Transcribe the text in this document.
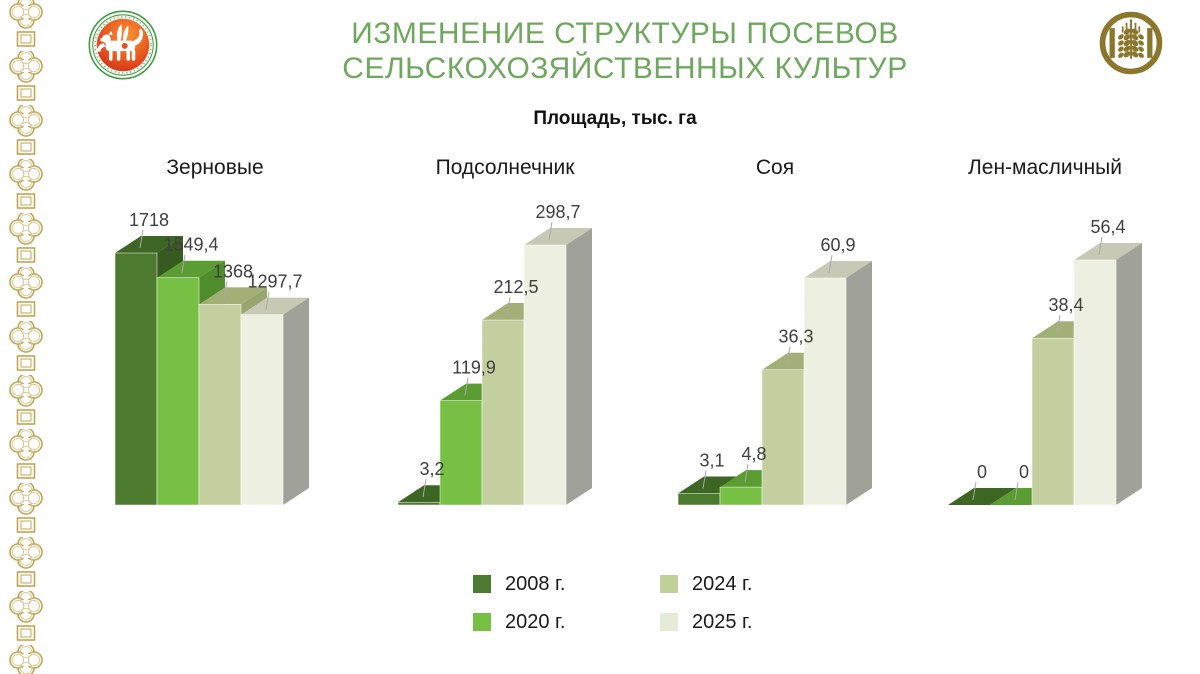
ИЗМЕНЕНИЕ СТРУКТУРЫ ПОСЕВОВ
СЕЛЬСКОХОЗЯЙСТВЕННЫХ КУЛЬТУР
Площадь, тыс. га
Зерновые
1718
1549,4
1368
1297,7
Подсолнечник
3,2
119,9
212,5
298,7
Соя
3,1 4,8
36,3
60,9
Лен-масличный
0 0
38,4
56,4
2008 г.	2024 г.
2020 г.	2025 г.
